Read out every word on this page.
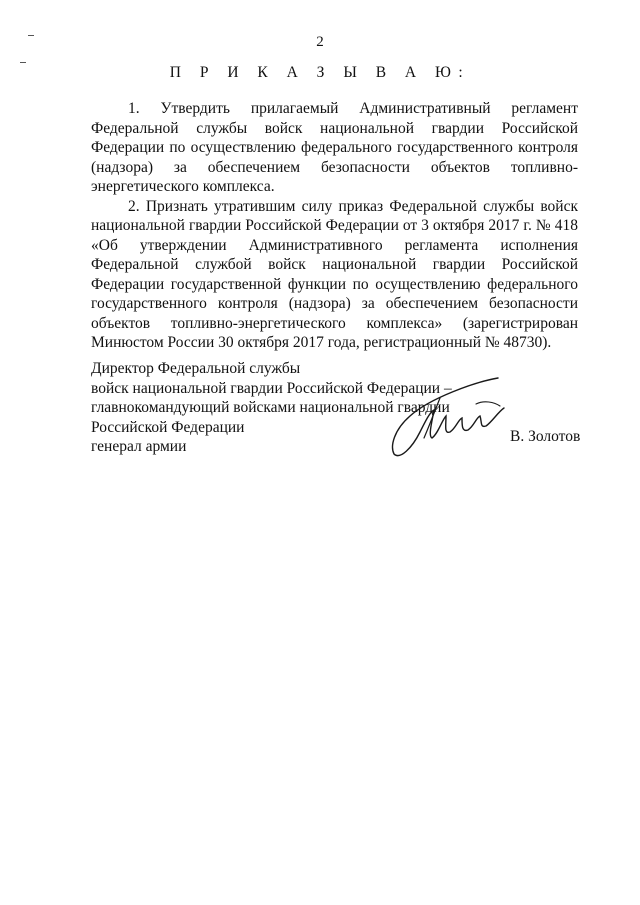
2
П Р И К А З Ы В А Ю:

1. Утвердить прилагаемый Административный регламент Федеральной службы войск национальной гвардии Российской Федерации по осуществлению федерального государственного контроля (надзора) за обеспечением безопасности объектов топливно-энергетического комплекса.

2. Признать утратившим силу приказ Федеральной службы войск национальной гвардии Российской Федерации от 3 октября 2017 г. № 418 «Об утверждении Административного регламента исполнения Федеральной службой войск национальной гвардии Российской Федерации государственной функции по осуществлению федерального государственного контроля (надзора) за обеспечением безопасности объектов топливно-энергетического комплекса» (зарегистрирован Минюстом России 30 октября 2017 года, регистрационный № 48730).

Директор Федеральной службы
войск национальной гвардии Российской Федерации –
главнокомандующий войсками национальной гвардии
Российской Федерации
генерал армии
В. Золотов
